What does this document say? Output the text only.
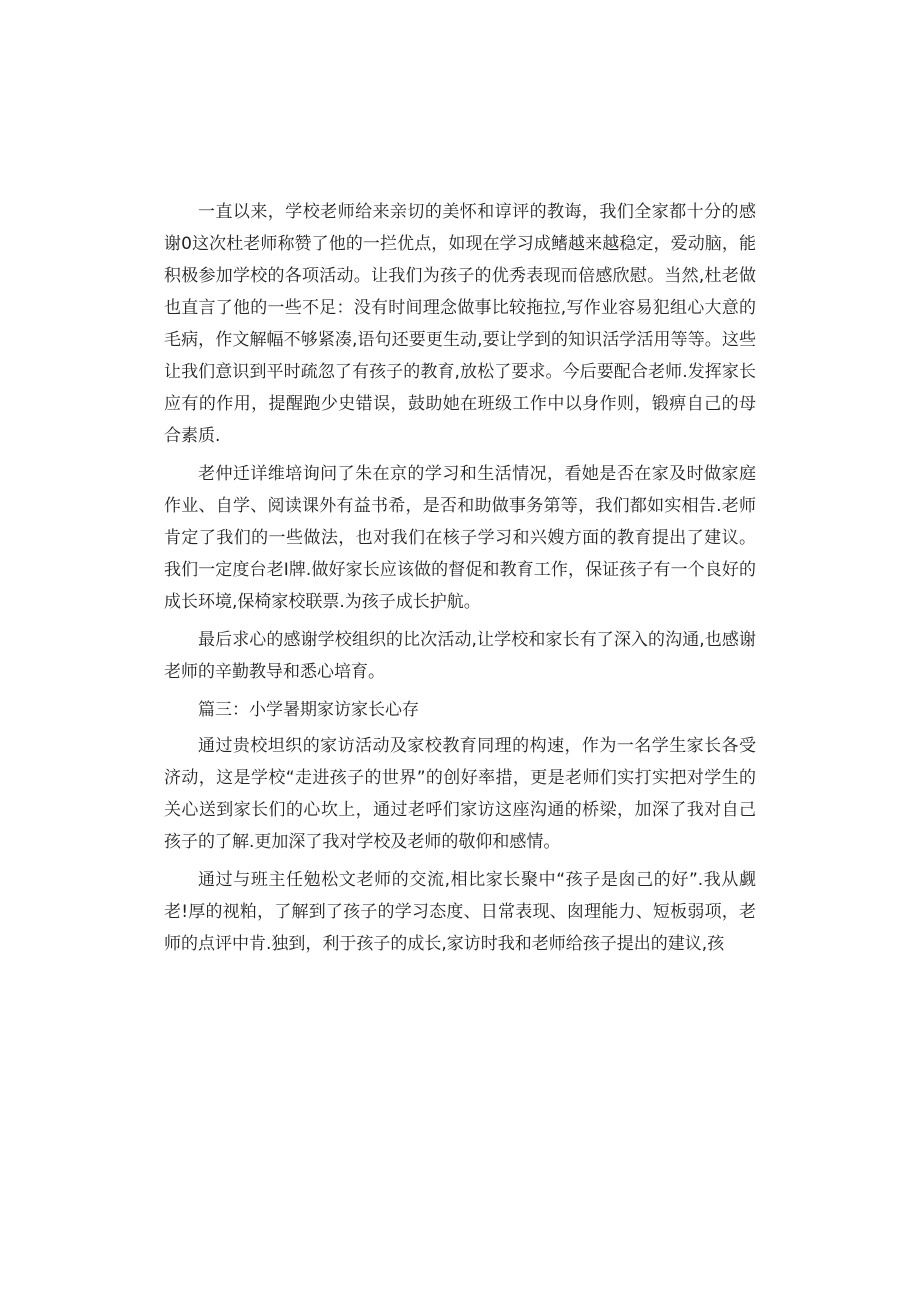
一直以来，学校老师给来亲切的美怀和谆评的教诲，我们全家都十分的感谢0这次杜老师称赞了他的一拦优点，如现在学习成鳍越来越稳定，爱动脑，能积极参加学校的各项活动。让我们为孩子的优秀表现而倍感欣慰。当然,杜老做也直言了他的一些不足：没有时间理念做事比较拖拉,写作业容易犯组心大意的毛病，作文解幅不够紧凑,语句还要更生动,要让学到的知识活学活用等等。这些让我们意识到平时疏忽了有孩子的教育,放松了要求。今后要配合老师.发挥家长应有的作用，提醒跑少史错误，鼓助她在班级工作中以身作则，锻痹自己的母合素质.

老仲迁详维培询问了朱在京的学习和生活情况，看她是否在家及时做家庭作业、自学、阅读课外有益书希，是否和助做事务第等，我们都如实相告.老师肯定了我们的一些做法，也对我们在核子学习和兴嫂方面的教育提出了建议。我们一定度台老I牌.做好家长应该做的督促和教育工作，保证孩子有一个良好的成长环境,保椅家校联票.为孩子成长护航。

最后求心的感谢学校组织的比次活动,让学校和家长有了深入的沟通,也感谢老师的辛勤教导和悉心培育。

篇三：小学暑期家访家长心存

通过贵校坦织的家访活动及家校教育同理的构速，作为一名学生家长各受济动，这是学校“走进孩子的世界”的创好率措，更是老师们实打实把对学生的关心送到家长们的心坎上，通过老呼们家访这座沟通的桥梁，加深了我对自己孩子的了解.更加深了我对学校及老师的敬仰和感情。

通过与班主任勉松文老师的交流,相比家长聚中“孩子是囱己的好”.我从觑老!厚的视粕，了解到了孩子的学习态度、日常表现、囱理能力、短板弱项，老师的点评中肯.独到，利于孩子的成长,家访时我和老师给孩子提出的建议,孩
